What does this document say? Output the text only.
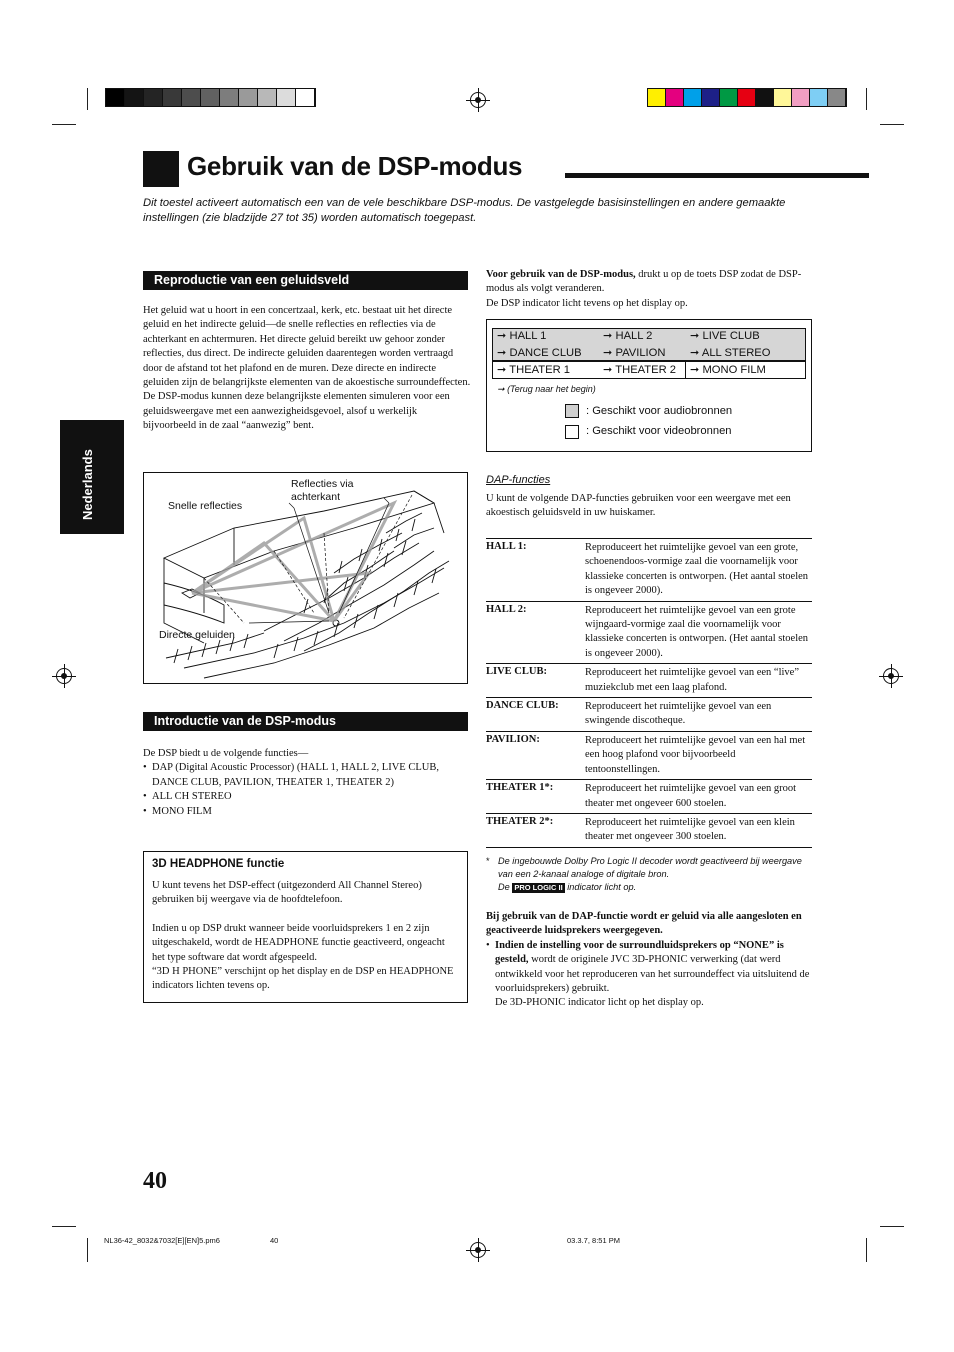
Gebruik van de DSP-modus
Dit toestel activeert automatisch een van de vele beschikbare DSP-modus. De vastgelegde basisinstellingen en andere gemaakte instellingen (zie bladzijde 27 tot 35) worden automatisch toegepast.
Nederlands
Reproductie van een geluidsveld

Het geluid wat u hoort in een concertzaal, kerk, etc. bestaat uit het directe geluid en het indirecte geluid—de snelle reflecties en reflecties via de achterkant en achtermuren. Het directe geluid bereikt uw gehoor zonder reflecties, dus direct. De indirecte geluiden daarentegen worden vertraagd door de afstand tot het plafond en de muren. Deze directe en indirecte geluiden zijn de belangrijkste elementen van de akoestische surroundeffecten.

De DSP-modus kunnen deze belangrijkste elementen simuleren voor een geluidsweergave met een aanwezigheidsgevoel, alsof u werkelijk bijvoorbeeld in de zaal “aanwezig” bent.

Reflecties via achterkant
Snelle reflecties
Directe geluiden
Introductie van de DSP-modus

De DSP biedt u de volgende functies—

• DAP (Digital Acoustic Processor) (HALL 1, HALL 2, LIVE CLUB, DANCE CLUB, PAVILION, THEATER 1, THEATER 2)
• ALL CH STEREO
• MONO FILM
3D HEADPHONE functie

U kunt tevens het DSP-effect (uitgezonderd All Channel Stereo) gebruiken bij weergave via de hoofdtelefoon.

Indien u op DSP drukt wanneer beide voorluidsprekers 1 en 2 zijn uitgeschakeld, wordt de HEADPHONE functie geactiveerd, ongeacht het type software dat wordt afgespeeld.

“3D H PHONE” verschijnt op het display en de DSP en HEADPHONE indicators lichten tevens op.

Voor gebruik van de DSP-modus, drukt u op de toets DSP zodat de DSP-modus als volgt veranderen.

De DSP indicator licht tevens op het display op.

➞ HALL 1	➞ HALL 2	➞ LIVE CLUB
➞ DANCE CLUB ➞ PAVILION ➞ ALL STEREO
➞ THEATER 1	➞ THEATER 2 ➞ MONO FILM
➞ (Terug naar het begin)
: Geschikt voor audiobronnen
: Geschikt voor videobronnen
DAP-functies
U kunt de volgende DAP-functies gebruiken voor een weergave met een akoestisch geluidsveld in uw huiskamer.
HALL 1:	Reproduceert het ruimtelijke gevoel van een grote, schoenendoos-vormige zaal die voornamelijk voor klassieke concerten is ontworpen. (Het aantal stoelen is ongeveer 2000).
HALL 2:	Reproduceert het ruimtelijke gevoel van een grote wijngaard-vormige zaal die voornamelijk voor klassieke concerten is ontworpen. (Het aantal stoelen is ongeveer 2000).
LIVE CLUB:	Reproduceert het ruimtelijke gevoel van een “live” muziekclub met een laag plafond.
DANCE CLUB:	Reproduceert het ruimtelijke gevoel van een swingende discotheque.
PAVILION:	Reproduceert het ruimtelijke gevoel van een hal met een hoog plafond voor bijvoorbeeld tentoonstellingen.
THEATER 1*:	Reproduceert het ruimtelijke gevoel van een groot theater met ongeveer 600 stoelen.
THEATER 2*:	Reproduceert het ruimtelijke gevoel van een klein theater met ongeveer 300 stoelen.
* De ingebouwde Dolby Pro Logic II decoder wordt geactiveerd bij weergave van een 2-kanaal analoge of digitale bron.
De PRO LOGIC II indicator licht op.

Bij gebruik van de DAP-functie wordt er geluid via alle aangesloten en geactiveerde luidsprekers weergegeven.

• Indien de instelling voor de surroundluidsprekers op “NONE” is gesteld, wordt de originele JVC 3D-PHONIC verwerking (dat werd ontwikkeld voor het reproduceren van het surroundeffect via uitsluitend de voorluidsprekers) gebruikt.
De 3D-PHONIC indicator licht op het display op.
40
NL36-42_8032&7032[E][EN]5.pm6	40	03.3.7, 8:51 PM
